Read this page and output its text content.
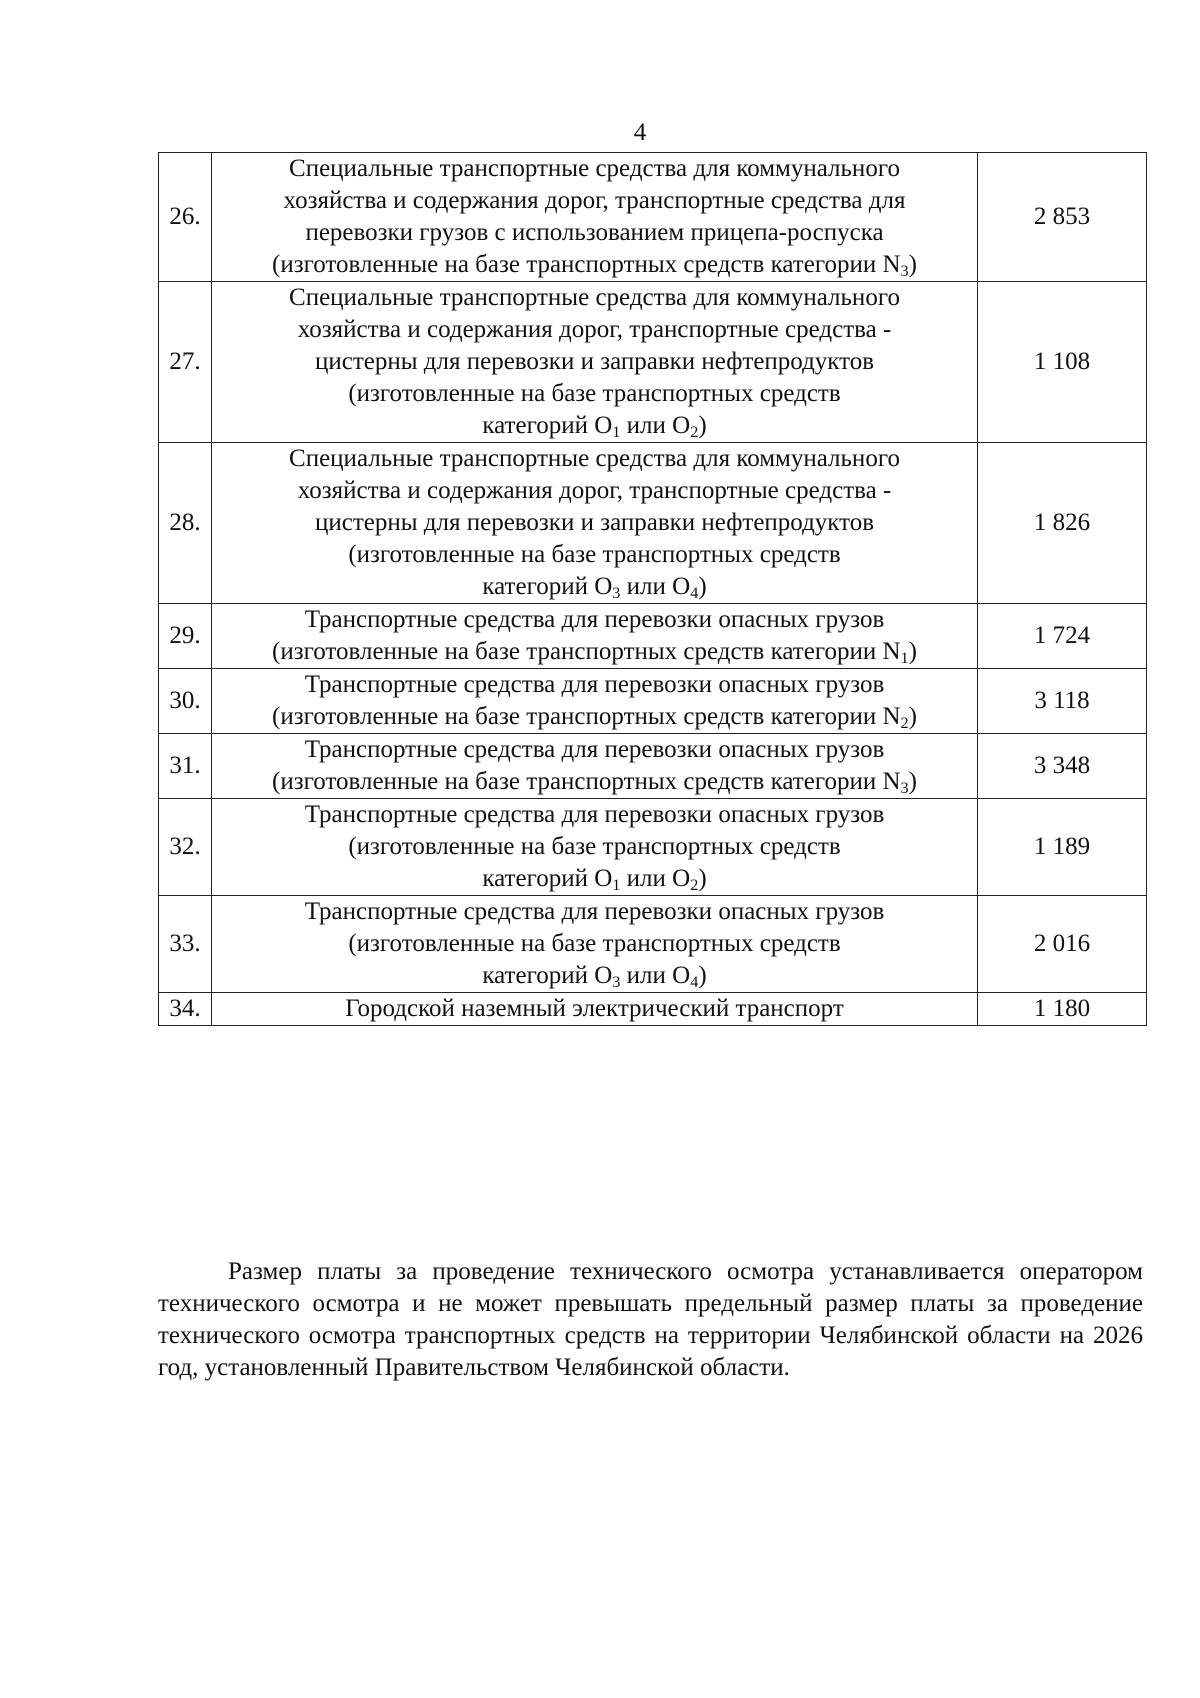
4
26.	Специальные транспортные средства для коммунального
хозяйства и содержания дорог, транспортные средства для
перевозки грузов с использованием прицепа-роспуска
(изготовленные на базе транспортных средств категории $N_3$)	2 853
27.	Специальные транспортные средства для коммунального
хозяйства и содержания дорог, транспортные средства -
цистерны для перевозки и заправки нефтепродуктов
(изготовленные на базе транспортных средств
категорий $O_1$ или $O_2$)	1 108
28.	Специальные транспортные средства для коммунального
хозяйства и содержания дорог, транспортные средства -
цистерны для перевозки и заправки нефтепродуктов
(изготовленные на базе транспортных средств
категорий $O_3$ или $O_4$)	1 826
29.	Транспортные средства для перевозки опасных грузов
(изготовленные на базе транспортных средств категории $N_1$)	1 724
30.	Транспортные средства для перевозки опасных грузов
(изготовленные на базе транспортных средств категории $N_2$)	3 118
31.	Транспортные средства для перевозки опасных грузов
(изготовленные на базе транспортных средств категории $N_3$)	3 348
32.	Транспортные средства для перевозки опасных грузов
(изготовленные на базе транспортных средств
категорий $O_1$ или $O_2$)	1 189
33.	Транспортные средства для перевозки опасных грузов
(изготовленные на базе транспортных средств
категорий $O_3$ или $O_4$)	2 016
34.	Городской наземный электрический транспорт	1 180

Размер платы за проведение технического осмотра устанавливается оператором технического осмотра и не может превышать предельный размер платы за проведение технического осмотра транспортных средств на территории Челябинской области на 2026 год, установленный Правительством Челябинской области.
